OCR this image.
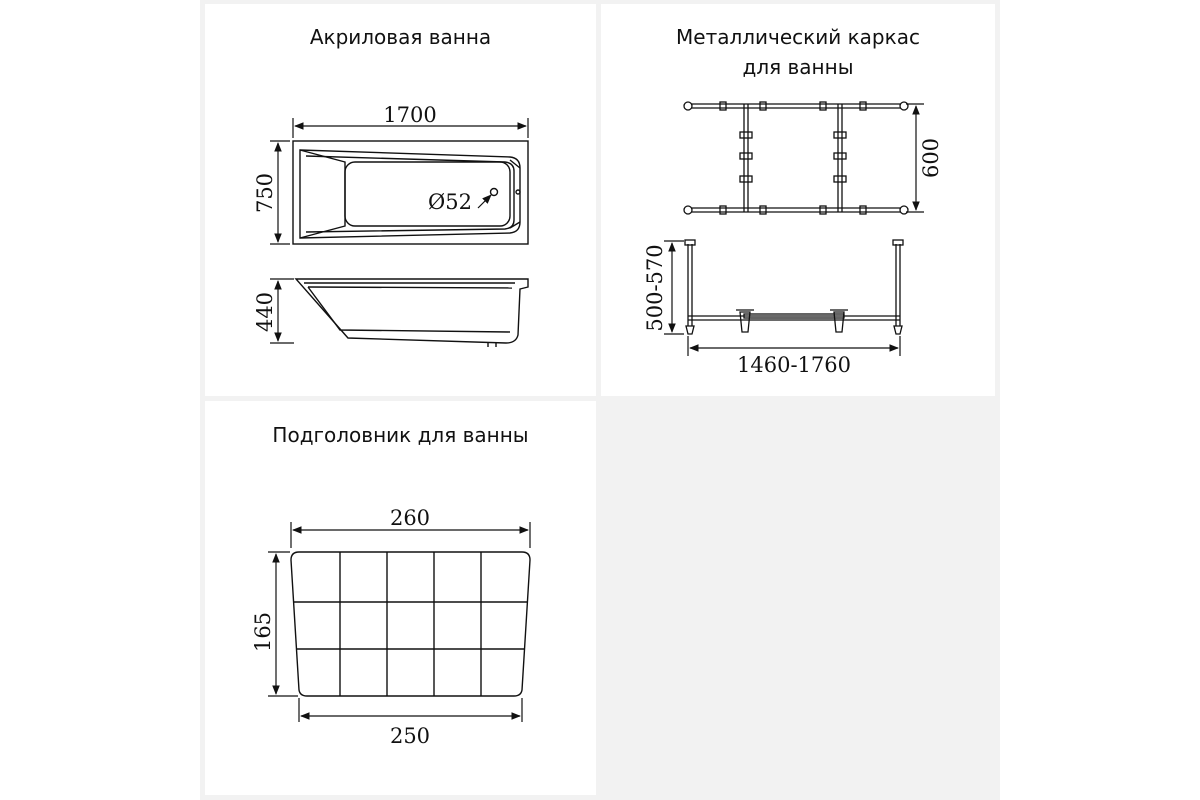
Акриловая ванна	Металлический каркас
для ванны
Подголовник для ванны
Ø52
1700
750
440
600
500-570
1460-1760
260
165
250
